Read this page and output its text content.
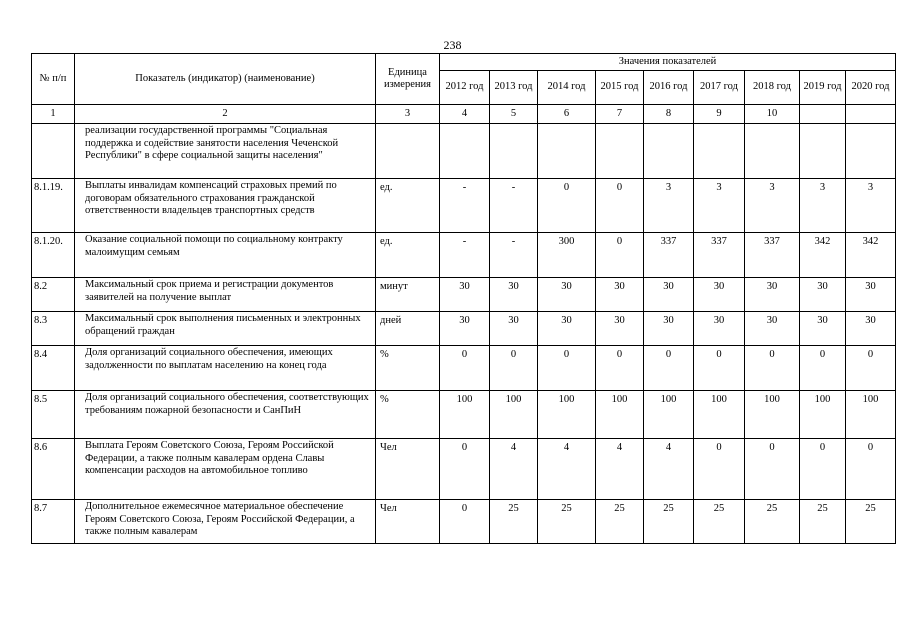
238
№ п/п	Показатель (индикатор) (наименование)	Единица измерения	Значения показателей								
			2012 год	2013 год	2014 год	2015 год	2016 год	2017 год	2018 год	2019 год	2020 год
1	2	3	4	5	6	7	8	9	10		
	реализации государственной программы "Социальная поддержка и содействие занятости населения Чеченской Республики" в сфере социальной защиты населения"										
8.1.19.	Выплаты инвалидам компенсаций страховых премий по договорам обязательного страхования гражданской ответственности владельцев транспортных средств	ед.	-	-	0	0	3	3	3	3	3
8.1.20.	Оказание социальной помощи по социальному контракту малоимущим семьям	ед.	-	-	300	0	337	337	337	342	342
8.2	Максимальный срок приема и регистрации документов заявителей на получение выплат	минут	30	30	30	30	30	30	30	30	30
8.3	Максимальный срок выполнения письменных и электронных обращений граждан	дней	30	30	30	30	30	30	30	30	30
8.4	Доля организаций социального обеспечения, имеющих задолженности по выплатам населению на конец года	%	0	0	0	0	0	0	0	0	0
8.5	Доля организаций социального обеспечения, соответствующих требованиям пожарной безопасности и СанПиН	%	100	100	100	100	100	100	100	100	100
8.6	Выплата Героям Советского Союза, Героям Российской Федерации, а также полным кавалерам ордена Славы компенсации расходов на автомобильное топливо	Чел	0	4	4	4	4	0	0	0	0
8.7	Дополнительное ежемесячное материальное обеспечение Героям Советского Союза, Героям Российской Федерации, а также полным кавалерам	Чел	0	25	25	25	25	25	25	25	25
